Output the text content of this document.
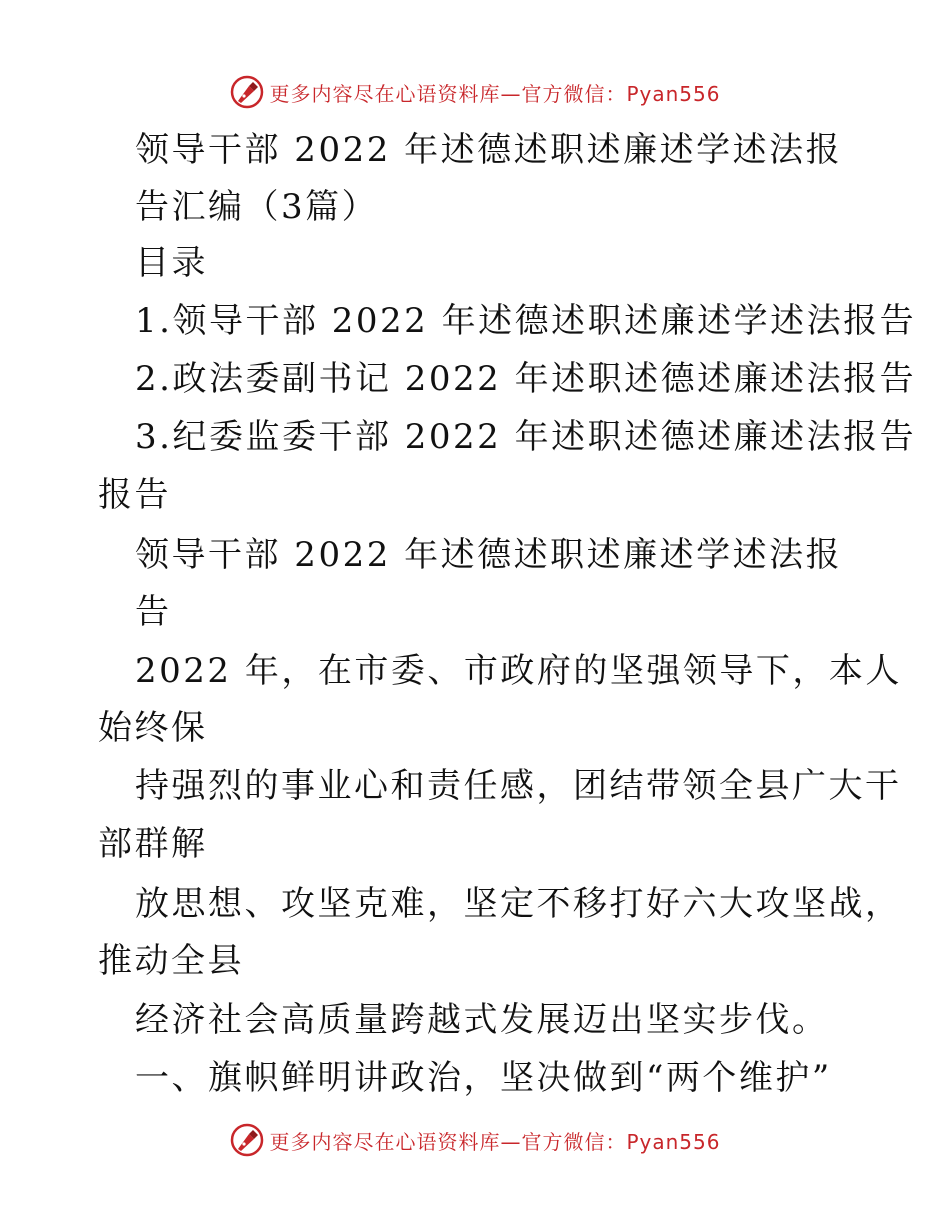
更多内容尽在心语资料库—官方微信：Pyan556
领导干部 2022 年述德述职述廉述学述法报
告汇编（3篇）
目录
1.领导干部 2022 年述德述职述廉述学述法报告
2.政法委副书记 2022 年述职述德述廉述法报告
3.纪委监委干部 2022 年述职述德述廉述法报告
报告
领导干部 2022 年述德述职述廉述学述法报
告
2022 年，在市委、市政府的坚强领导下，本人
始终保
持强烈的事业心和责任感，团结带领全县广大干
部群解
放思想、攻坚克难，坚定不移打好六大攻坚战，
推动全县
经济社会高质量跨越式发展迈出坚实步伐。
一、旗帜鲜明讲政治，坚决做到“两个维护”
更多内容尽在心语资料库—官方微信：Pyan556
